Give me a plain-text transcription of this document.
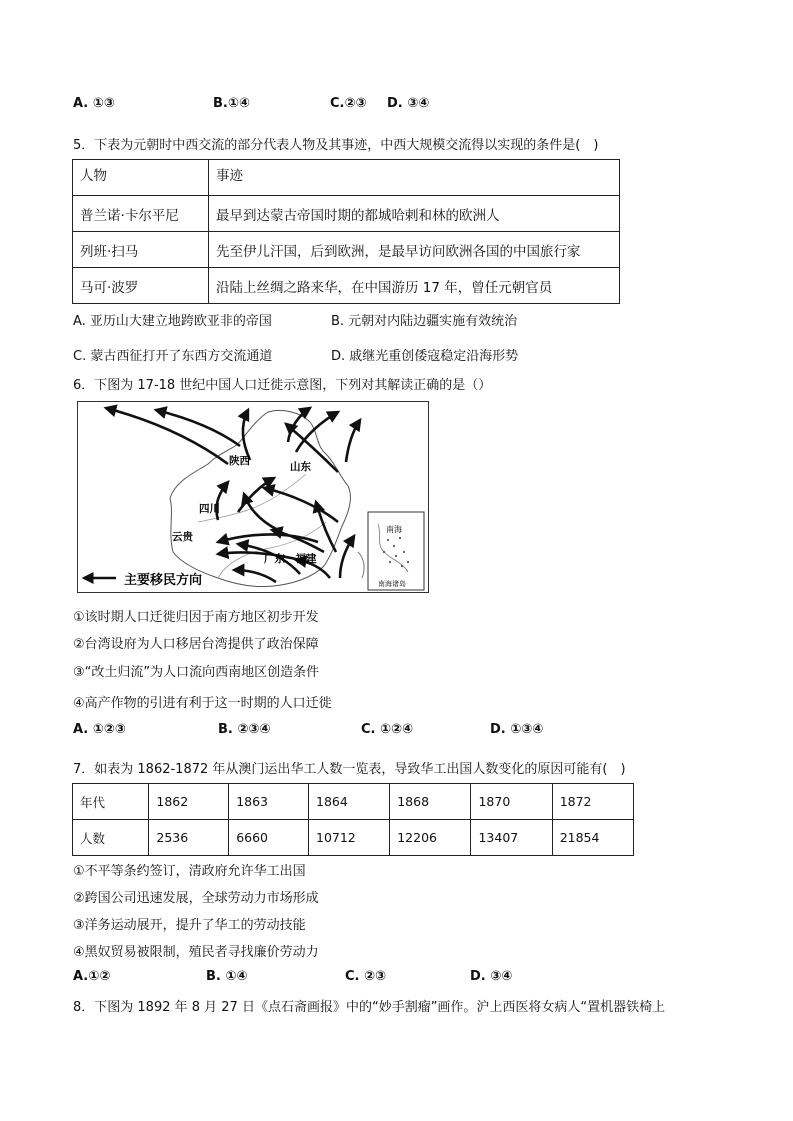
A. ①③	B.①④	C.②③ D. ③④
5．下表为元朝时中西交流的部分代表人物及其事迹，中西大规模交流得以实现的条件是(　)
人物	事迹
普兰诺·卡尔平尼	最早到达蒙古帝国时期的都城哈剌和林的欧洲人
列班·扫马	先至伊儿汗国，后到欧洲，是最早访问欧洲各国的中国旅行家
马可·波罗	沿陆上丝绸之路来华，在中国游历 17 年，曾任元朝官员
A. 亚历山大建立地跨欧亚非的帝国	B. 元朝对内陆边疆实施有效统治
C. 蒙古西征打开了东西方交流通道	D. 戚继光重创倭寇稳定沿海形势
6．下图为 17-18 世纪中国人口迁徙示意图，下列对其解读正确的是（）
陕西	山东
四川
云贵
广东、福建
主要移民方向
南海
南海诸岛
①该时期人口迁徙归因于南方地区初步开发
②台湾设府为人口移居台湾提供了政治保障
③“改土归流”为人口流向西南地区创造条件
④高产作物的引进有利于这一时期的人口迁徙
A. ①②③	B. ②③④	C. ①②④	D. ①③④
7．如表为 1862-1872 年从澳门运出华工人数一览表，导致华工出国人数变化的原因可能有(　)
年代	1862	1863	1864	1868	1870	1872
人数	2536	6660	10712	12206	13407	21854
①不平等条约签订，清政府允许华工出国
②跨国公司迅速发展，全球劳动力市场形成
③洋务运动展开，提升了华工的劳动技能
④黑奴贸易被限制，殖民者寻找廉价劳动力
A.①②	B. ①④	C. ②③	D. ③④
8．下图为 1892 年 8 月 27 日《点石斋画报》中的“妙手割瘤”画作。沪上西医将女病人“置机器铁椅上
